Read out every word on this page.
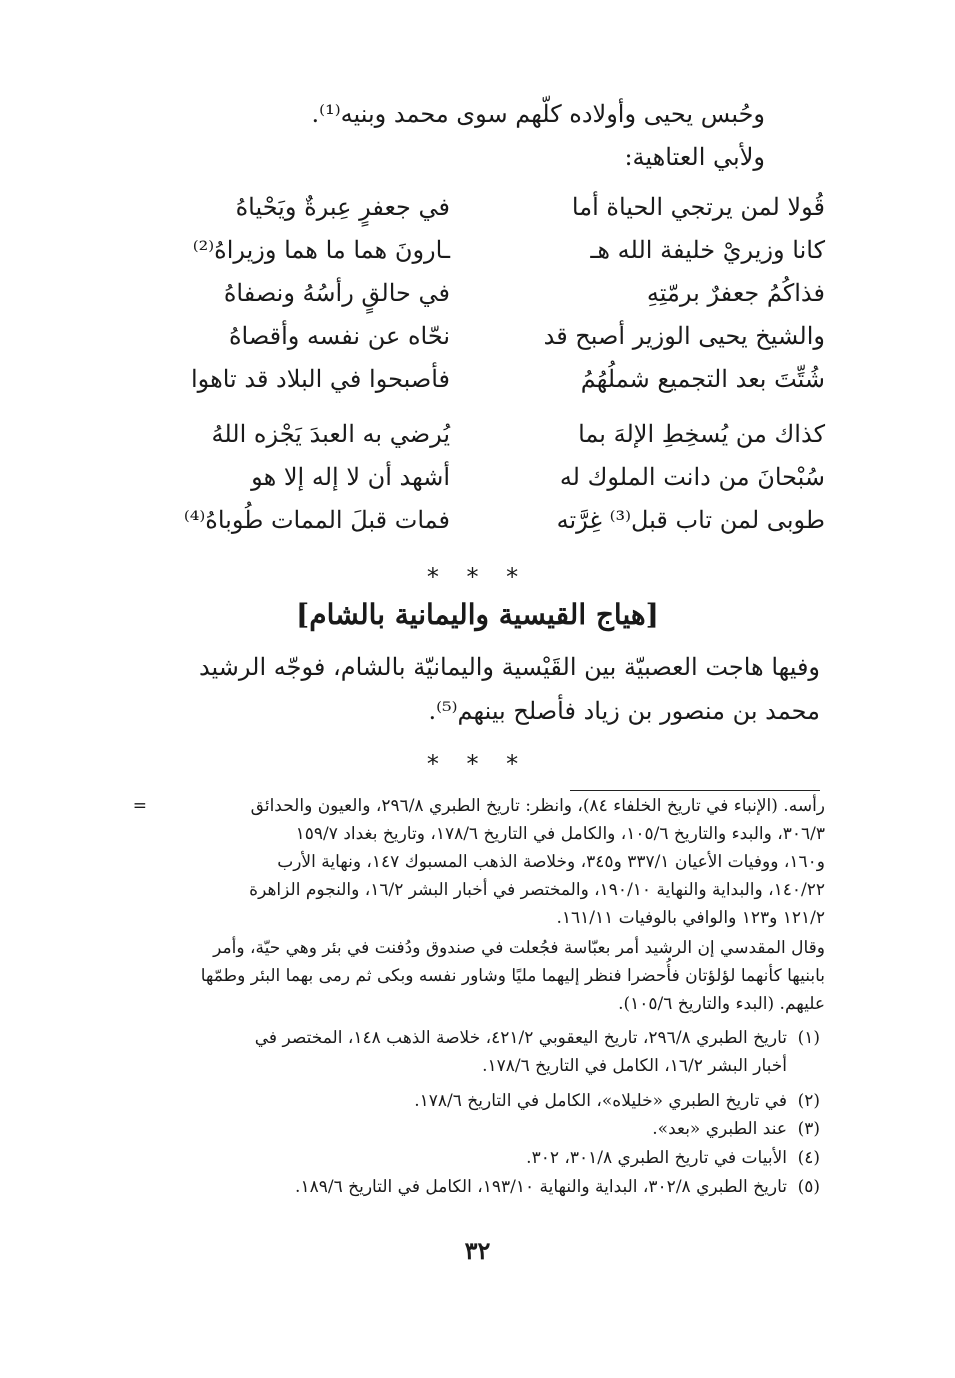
وحُبس يحيى وأولاده كلّهم سوى محمد وبنيه⁽¹⁾.
ولأبي العتاهية:
قُولا لمن يرتجي الحياة أما
في جعفرٍ عِبرةٌ ويَحْياهُ
كانا وزيريْ خليفة الله هـ
ـارونَ هما ما هما وزيراهُ⁽²⁾
فذاكُمُ جعفرٌ برمّتِهِ
في حالقٍ رأسُهُ ونصفاهُ
والشيخ يحيى الوزير أصبح قد
نحّاه عن نفسه وأقصاهُ
شُتِّتَ بعد التجميع شملُهُمُ
فأصبحوا في البلاد قد تاهوا
كذاك من يُسخِطِ الإلهَ بما
يُرضي به العبدَ يَجْزه اللهُ
سُبْحانَ من دانت الملوك له
أشهد أن لا إله إلا هو
طوبى لمن تاب قبل⁽³⁾ غِرَّته
فمات قبلَ الممات طُوباهُ⁽⁴⁾
* * *
[هياج القيسية واليمانية بالشام]
وفيها هاجت العصبيّة بين القَيْسية واليمانيّة بالشام، فوجّه الرشيد
محمد بن منصور بن زياد فأصلح بينهم⁽⁵⁾.
* * *
=	رأسه. (الإنباء في تاريخ الخلفاء ٨٤)، وانظر: تاريخ الطبري ٢٩٦/٨، والعيون والحدائق
٣٠٦/٣، والبدء والتاريخ ١٠٥/٦، والكامل في التاريخ ١٧٨/٦، وتاريخ بغداد ١٥٩/٧
و١٦٠، ووفيات الأعيان ٣٣٧/١ و٣٤٥، وخلاصة الذهب المسبوك ١٤٧، ونهاية الأرب
١٤٠/٢٢، والبداية والنهاية ١٩٠/١٠، والمختصر في أخبار البشر ١٦/٢، والنجوم الزاهرة
١٢١/٢ و١٢٣ والوافي بالوفيات ١٦١/١١.
وقال المقدسي إن الرشيد أمر بعبّاسة فجُعلت في صندوق ودُفنت في بئر وهي حيّة، وأمر
بابنيها كأنهما لؤلؤتان فأُحضرا فنظر إليهما مليًا وشاور نفسه وبكى ثم رمى بهما البئر وطمّها
عليهم. (البدء والتاريخ ١٠٥/٦).
(١)
تاريخ الطبري ٢٩٦/٨، تاريخ اليعقوبي ٤٢١/٢، خلاصة الذهب ١٤٨، المختصر في
أخبار البشر ١٦/٢، الكامل في التاريخ ١٧٨/٦.
(٢)
في تاريخ الطبري «خليلاه»، الكامل في التاريخ ١٧٨/٦.
(٣)
عند الطبري «بعد».
(٤)
الأبيات في تاريخ الطبري ٣٠١/٨، ٣٠٢.
(٥)
تاريخ الطبري ٣٠٢/٨، البداية والنهاية ١٩٣/١٠، الكامل في التاريخ ١٨٩/٦.
٣٢
